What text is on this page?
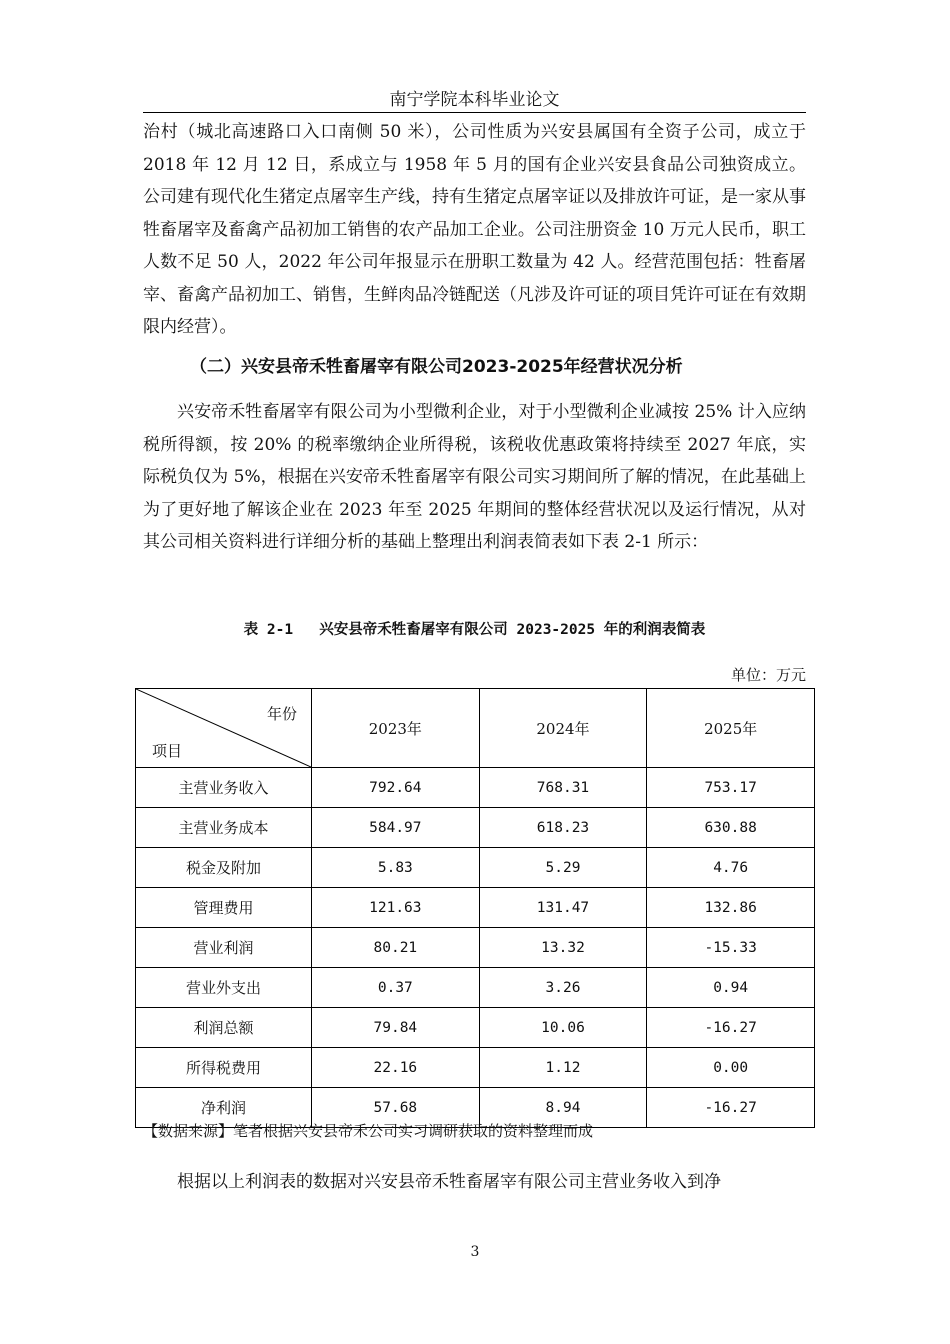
南宁学院本科毕业论文

治村（城北高速路口入口南侧 50 米），公司性质为兴安县属国有全资子公司，成立于 2018 年 12 月 12 日，系成立与 1958 年 5 月的国有企业兴安县食品公司独资成立。公司建有现代化生猪定点屠宰生产线，持有生猪定点屠宰证以及排放许可证，是一家从事牲畜屠宰及畜禽产品初加工销售的农产品加工企业。公司注册资金 10 万元人民币，职工人数不足 50 人，2022 年公司年报显示在册职工数量为 42 人。经营范围包括：牲畜屠宰、畜禽产品初加工、销售，生鲜肉品冷链配送（凡涉及许可证的项目凭许可证在有效期限内经营）。

（二）兴安县帝禾牲畜屠宰有限公司2023-2025年经营状况分析

兴安帝禾牲畜屠宰有限公司为小型微利企业，对于小型微利企业减按 25% 计入应纳税所得额，按 20% 的税率缴纳企业所得税，该税收优惠政策将持续至 2027 年底，实际税负仅为 5%，根据在兴安帝禾牲畜屠宰有限公司实习期间所了解的情况，在此基础上为了更好地了解该企业在 2023 年至 2025 年期间的整体经营状况以及运行情况，从对其公司相关资料进行详细分析的基础上整理出利润表简表如下表 2-1 所示：

表 2-1   兴安县帝禾牲畜屠宰有限公司 2023-2025 年的利润表简表
单位：万元
年份
项目	2023年	2024年	2025年
主营业务收入	792.64	768.31	753.17
主营业务成本	584.97	618.23	630.88
税金及附加	5.83	5.29	4.76
管理费用	121.63	131.47	132.86
营业利润	80.21	13.32	-15.33
营业外支出	0.37	3.26	0.94
利润总额	79.84	10.06	-16.27
所得税费用	22.16	1.12	0.00
净利润	57.68	8.94	-16.27
【数据来源】笔者根据兴安县帝禾公司实习调研获取的资料整理而成

根据以上利润表的数据对兴安县帝禾牲畜屠宰有限公司主营业务收入到净

3
